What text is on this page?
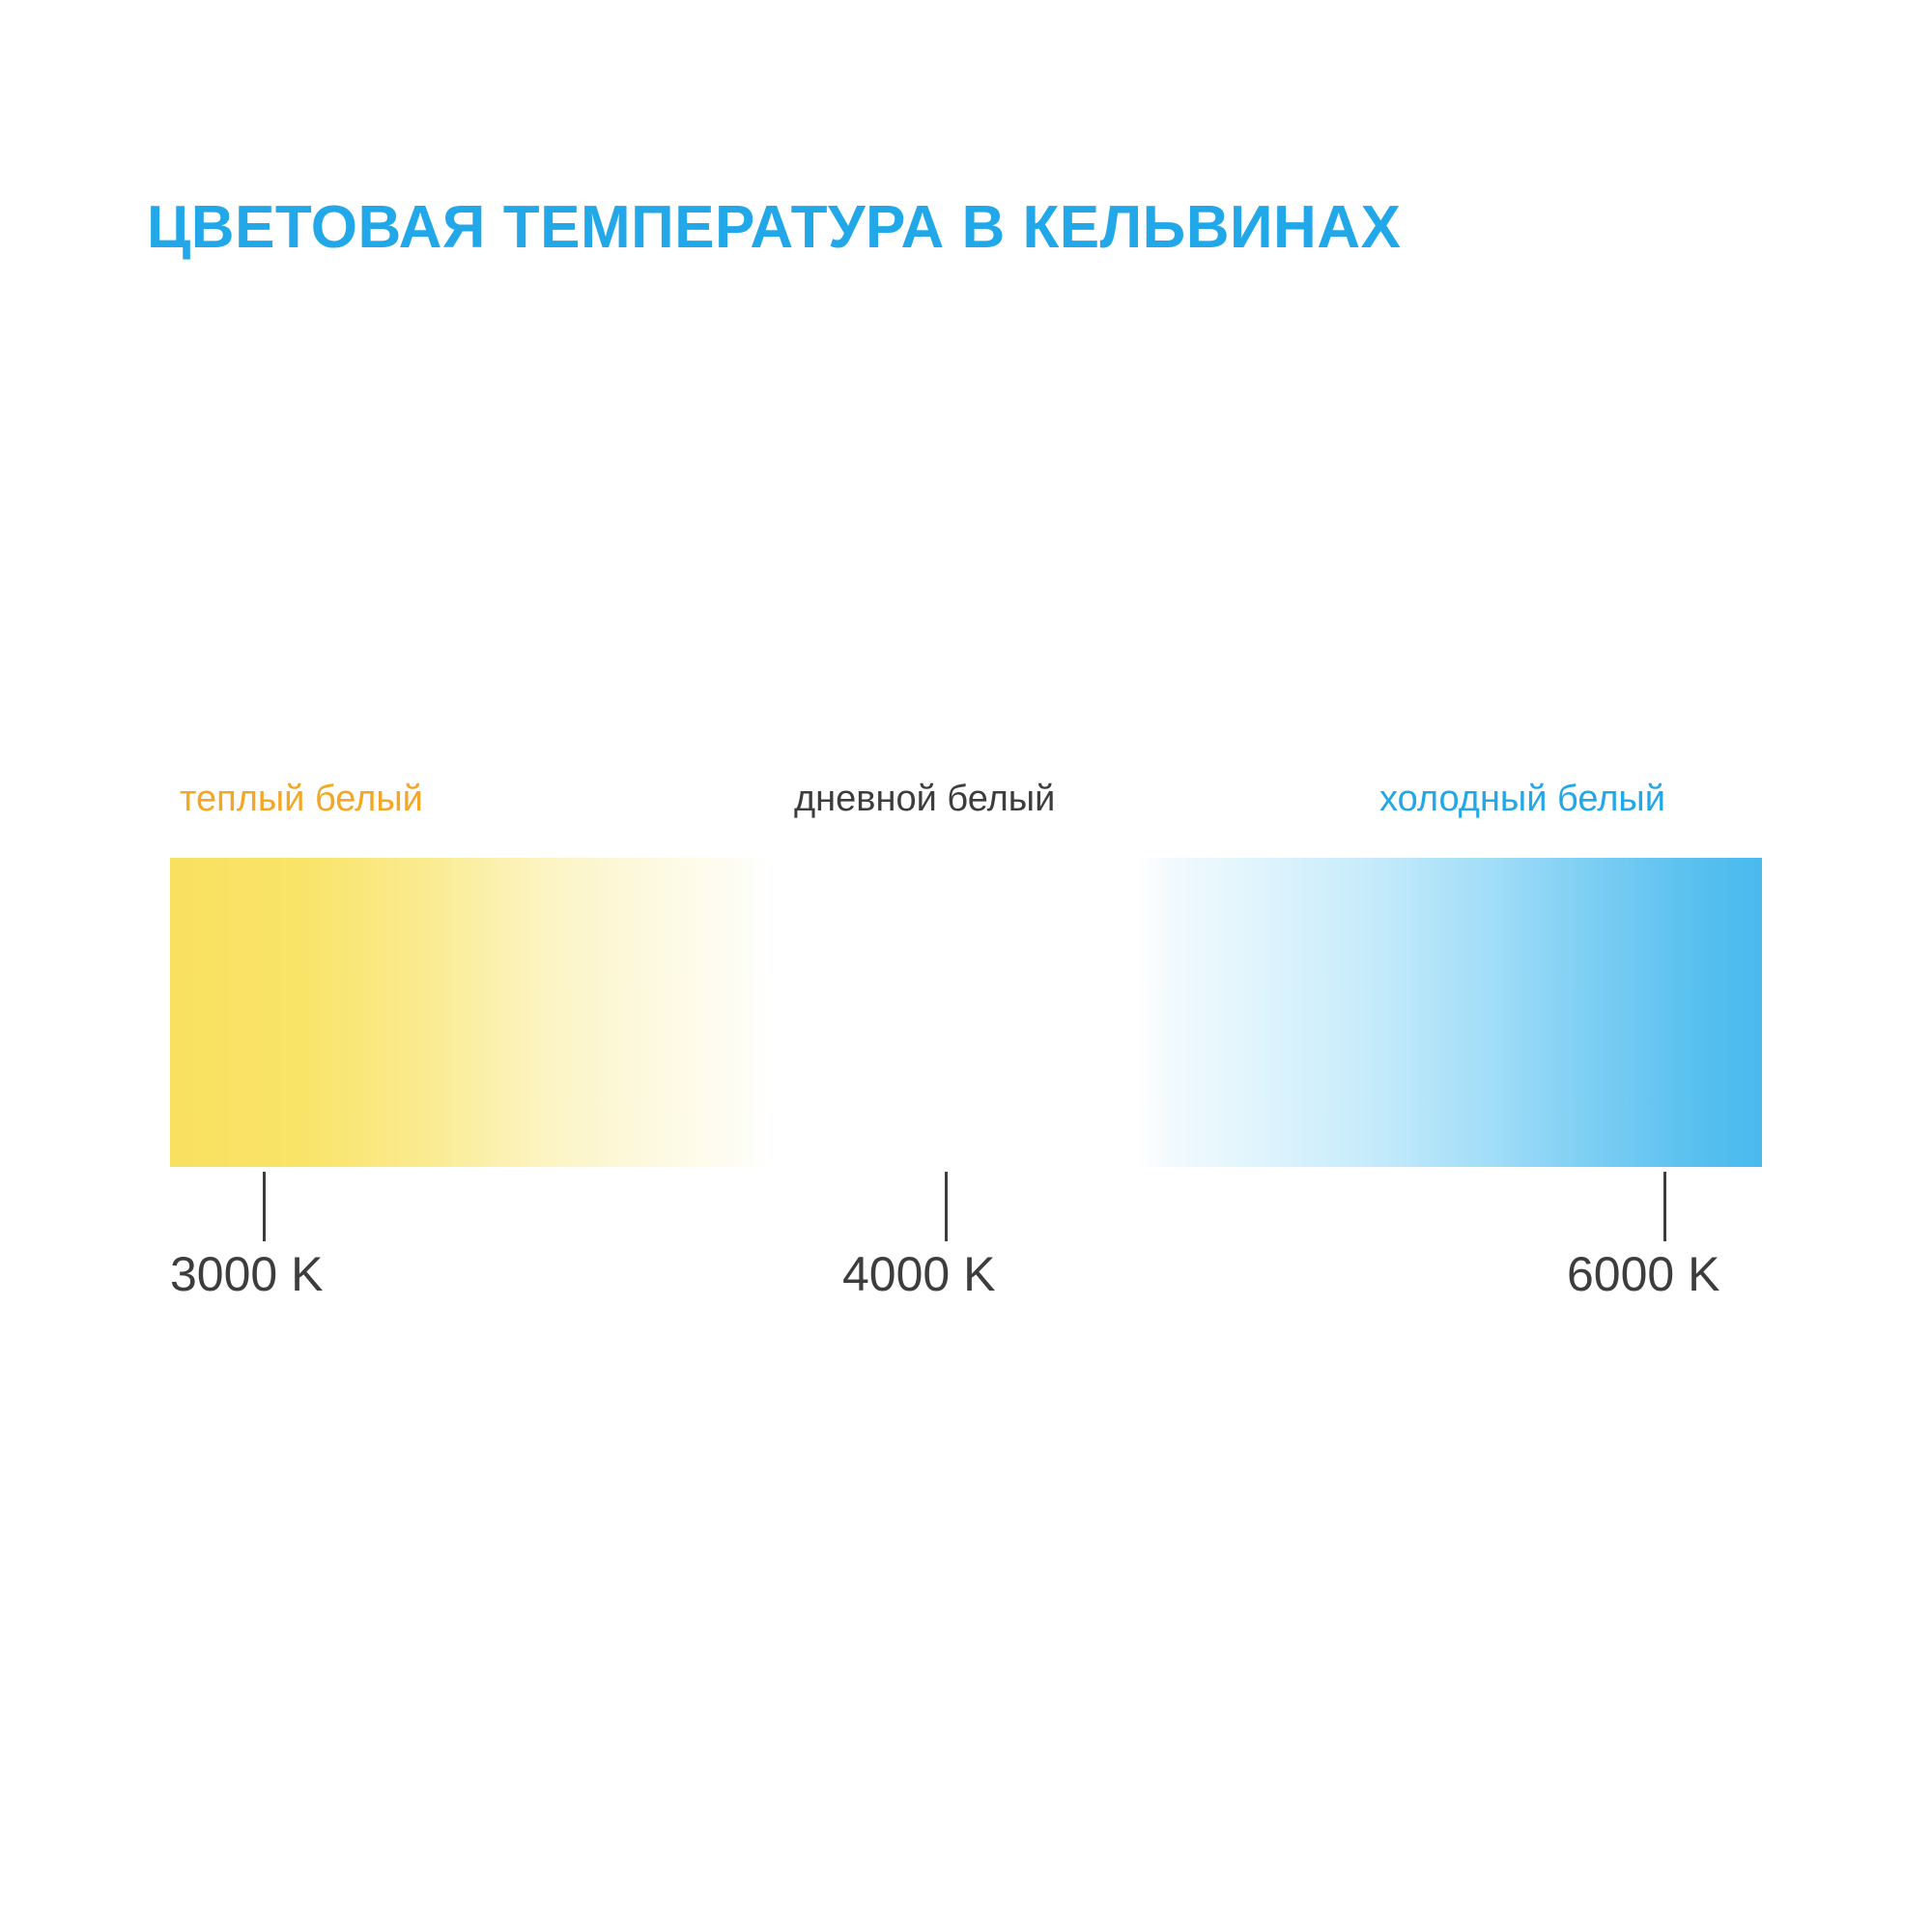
ЦВЕТОВАЯ ТЕМПЕРАТУРА В КЕЛЬВИНАХ
теплый белый	дневной белый	холодный белый
3000 K	4000 K	6000 K
